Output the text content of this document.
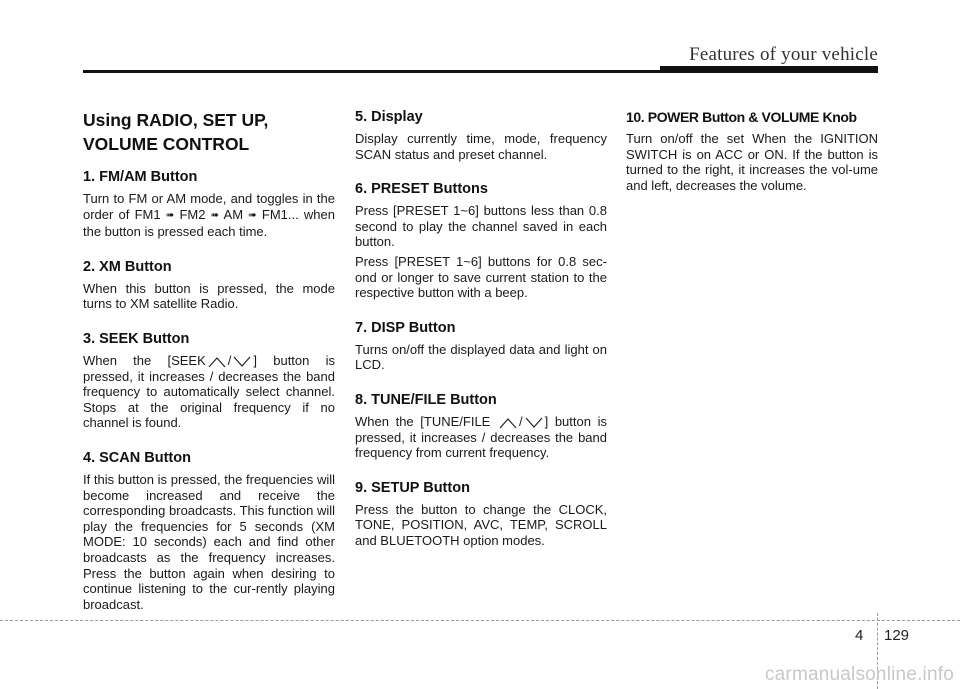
Features of your vehicle
Using RADIO, SET UP, VOLUME CONTROL
1. FM/AM Button

Turn to FM or AM mode, and toggles in the order of FM1 ➠ FM2 ➠ AM ➠ FM1... when the button is pressed each time.

2. XM Button

When this button is pressed, the mode turns to XM satellite Radio.

3. SEEK Button

When the [SEEK / ] button is pressed, it increases / decreases the band frequency to automatically select channel. Stops at the original frequency if no channel is found.

4. SCAN Button

If this button is pressed, the frequencies will become increased and receive the corresponding broadcasts. This function will play the frequencies for 5 seconds (XM MODE: 10 seconds) each and find other broadcasts as the frequency increases. Press the button again when desiring to continue listening to the cur-rently playing broadcast.

5. Display

Display currently time, mode, frequency SCAN status and preset channel.

6. PRESET Buttons

Press [PRESET 1~6] buttons less than 0.8 second to play the channel saved in each button.

Press [PRESET 1~6] buttons for 0.8 sec-ond or longer to save current station to the respective button with a beep.

7. DISP Button

Turns on/off the displayed data and light on LCD.

8. TUNE/FILE Button

When the [TUNE/FILE / ] button is pressed, it increases / decreases the band frequency from current frequency.

9. SETUP Button

Press the button to change the CLOCK, TONE, POSITION, AVC, TEMP, SCROLL and BLUETOOTH option modes.

10. POWER Button & VOLUME Knob

Turn on/off the set When the IGNITION SWITCH is on ACC or ON. If the button is turned to the right, it increases the vol-ume and left, decreases the volume.

4 129
carmanualsonline.info
